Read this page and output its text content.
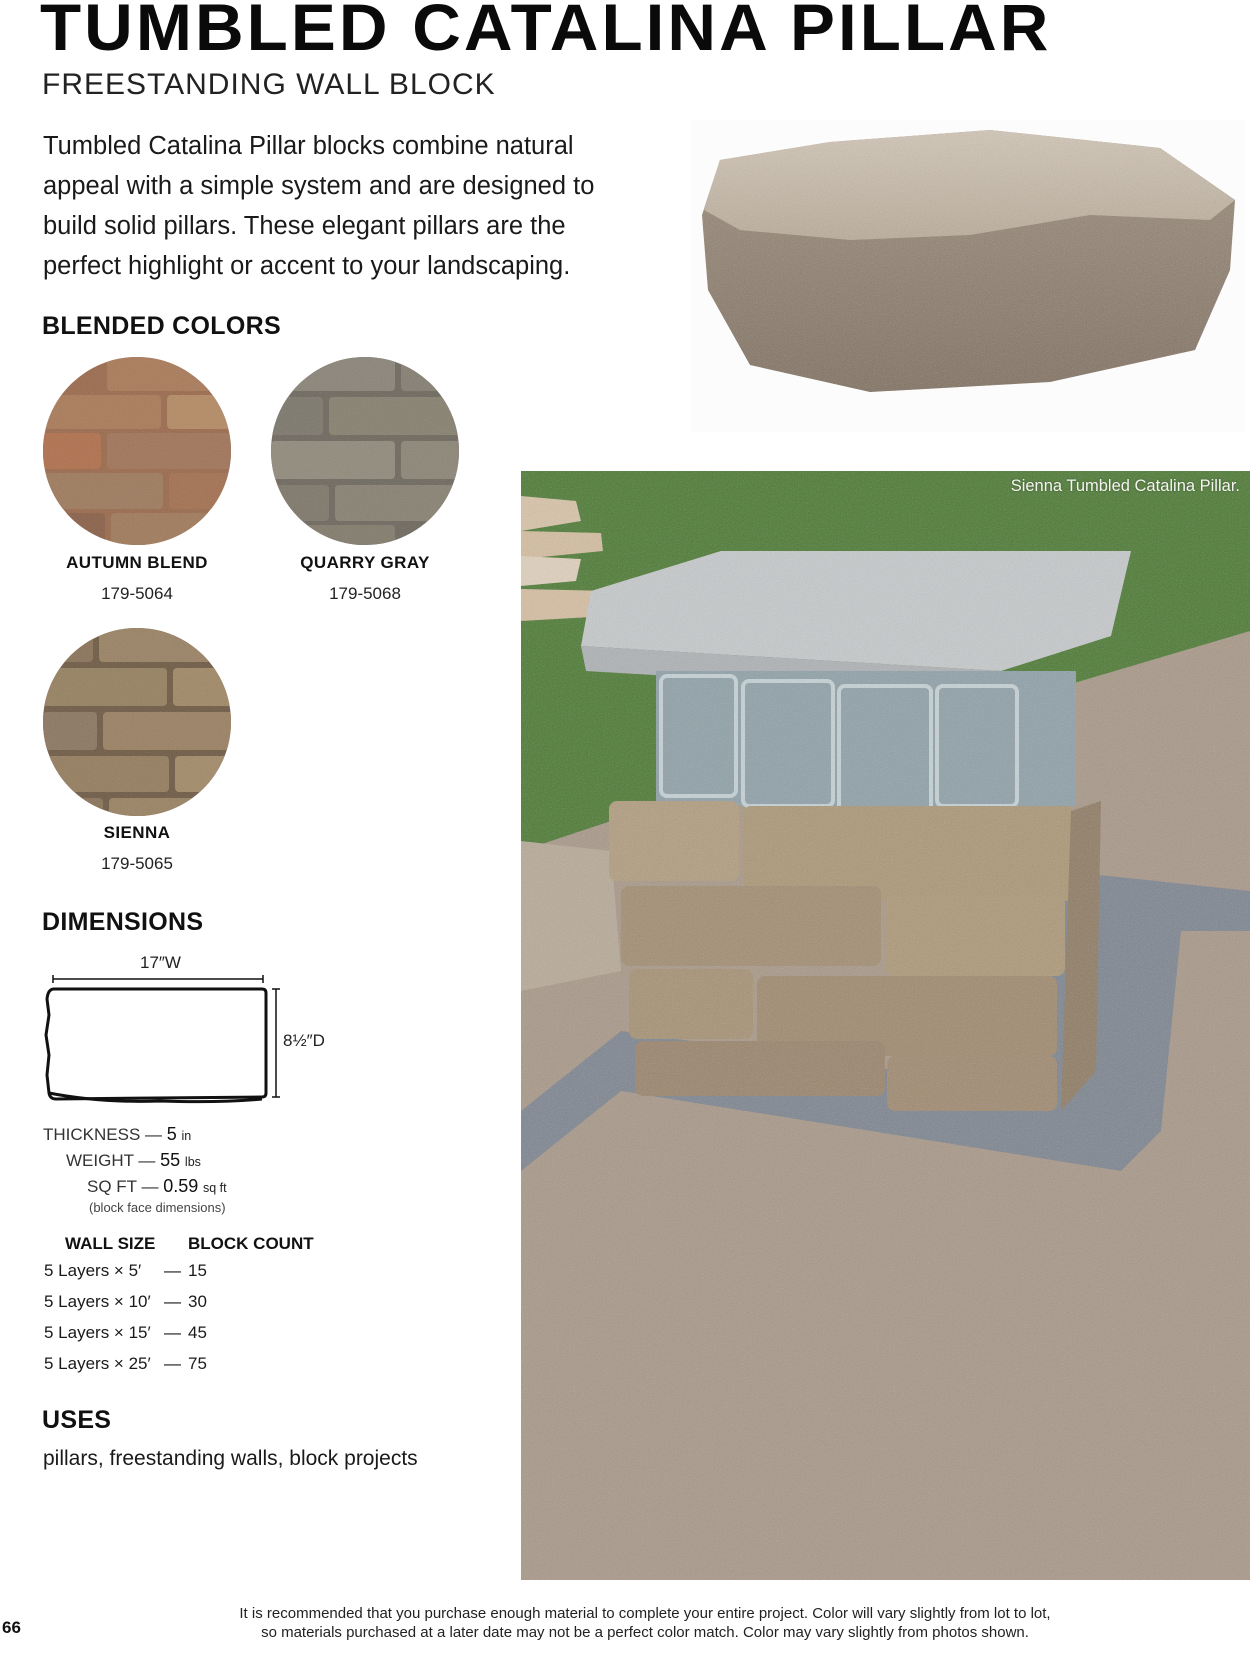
TUMBLED CATALINA PILLAR
FREESTANDING WALL BLOCK
Tumbled Catalina Pillar blocks combine natural
appeal with a simple system and are designed to
build solid pillars. These elegant pillars are the
perfect highlight or accent to your landscaping.
BLENDED COLORS
AUTUMN BLEND
179-5064
QUARRY GRAY
179-5068
SIENNA
179-5065
DIMENSIONS
17″W
8½″D
THICKNESS — 5 in
WEIGHT — 55 lbs
SQ FT — 0.59 sq ft
(block face dimensions)
WALL SIZE BLOCK COUNT
5 Layers × 5′ — 15
5 Layers × 10′ — 30
5 Layers × 15′ — 45
5 Layers × 25′ — 75
USES
pillars, freestanding walls, block projects
Sienna Tumbled Catalina Pillar.
66
It is recommended that you purchase enough material to complete your entire project. Color will vary slightly from lot to lot,
so materials purchased at a later date may not be a perfect color match. Color may vary slightly from photos shown.
